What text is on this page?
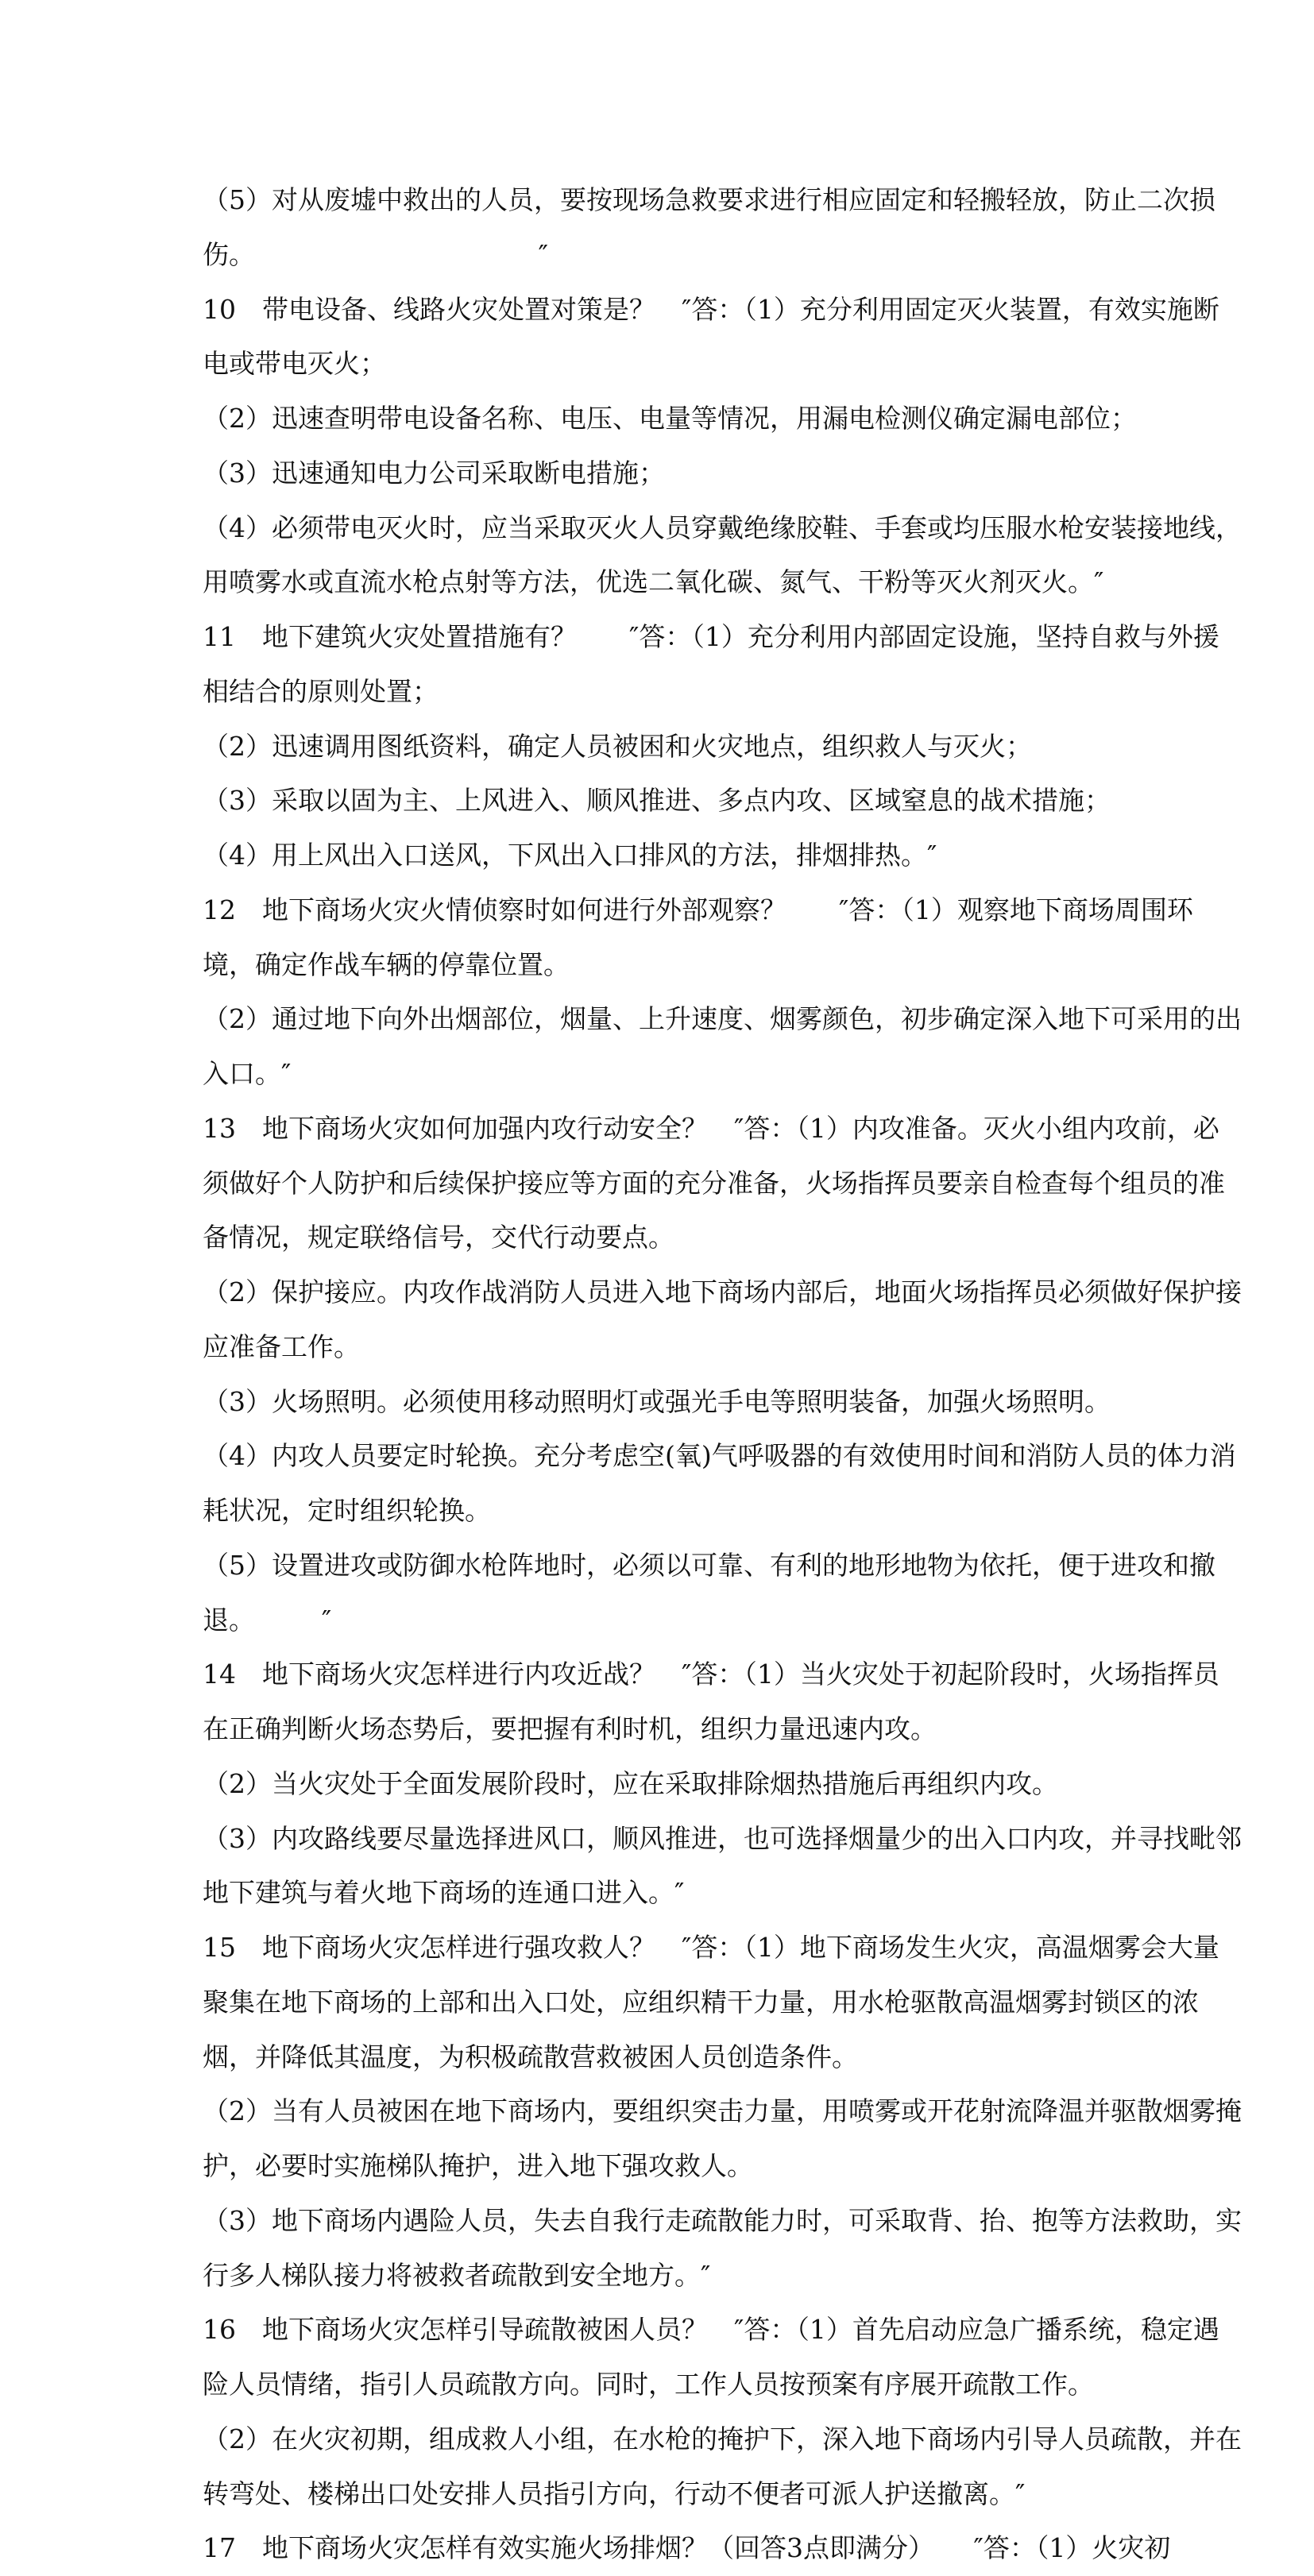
（5）对从废墟中救出的人员，要按现场急救要求进行相应固定和轻搬轻放，防止二次损
伤。                                  ″
10　带电设备、线路火灾处置对策是？　″答：（1）充分利用固定灭火装置，有效实施断
电或带电灭火；
（2）迅速查明带电设备名称、电压、电量等情况，用漏电检测仪确定漏电部位；
（3）迅速通知电力公司采取断电措施；
（4）必须带电灭火时，应当采取灭火人员穿戴绝缘胶鞋、手套或均压服水枪安装接地线，
用喷雾水或直流水枪点射等方法，优选二氧化碳、氮气、干粉等灭火剂灭火。″
11　地下建筑火灾处置措施有？　　″答：（1）充分利用内部固定设施，坚持自救与外援
相结合的原则处置；
（2）迅速调用图纸资料，确定人员被困和火灾地点，组织救人与灭火；
（3）采取以固为主、上风进入、顺风推进、多点内攻、区域窒息的战术措施；
（4）用上风出入口送风，下风出入口排风的方法，排烟排热。″
12　地下商场火灾火情侦察时如何进行外部观察？　　″答：（1）观察地下商场周围环
境，确定作战车辆的停靠位置。
（2）通过地下向外出烟部位，烟量、上升速度、烟雾颜色，初步确定深入地下可采用的出
入口。″
13　地下商场火灾如何加强内攻行动安全？　″答：（1）内攻准备。灭火小组内攻前，必
须做好个人防护和后续保护接应等方面的充分准备，火场指挥员要亲自检查每个组员的准
备情况，规定联络信号，交代行动要点。
（2）保护接应。内攻作战消防人员进入地下商场内部后，地面火场指挥员必须做好保护接
应准备工作。
（3）火场照明。必须使用移动照明灯或强光手电等照明装备，加强火场照明。
（4）内攻人员要定时轮换。充分考虑空(氧)气呼吸器的有效使用时间和消防人员的体力消
耗状况，定时组织轮换。
（5）设置进攻或防御水枪阵地时，必须以可靠、有利的地形地物为依托，便于进攻和撤
退。        ″
14　地下商场火灾怎样进行内攻近战？　″答：（1）当火灾处于初起阶段时，火场指挥员
在正确判断火场态势后，要把握有利时机，组织力量迅速内攻。
（2）当火灾处于全面发展阶段时，应在采取排除烟热措施后再组织内攻。
（3）内攻路线要尽量选择进风口，顺风推进，也可选择烟量少的出入口内攻，并寻找毗邻
地下建筑与着火地下商场的连通口进入。″
15　地下商场火灾怎样进行强攻救人？　″答：（1）地下商场发生火灾，高温烟雾会大量
聚集在地下商场的上部和出入口处，应组织精干力量，用水枪驱散高温烟雾封锁区的浓
烟，并降低其温度，为积极疏散营救被困人员创造条件。
（2）当有人员被困在地下商场内，要组织突击力量，用喷雾或开花射流降温并驱散烟雾掩
护，必要时实施梯队掩护，进入地下强攻救人。
（3）地下商场内遇险人员，失去自我行走疏散能力时，可采取背、抬、抱等方法救助，实
行多人梯队接力将被救者疏散到安全地方。″
16　地下商场火灾怎样引导疏散被困人员？　″答：（1）首先启动应急广播系统，稳定遇
险人员情绪，指引人员疏散方向。同时，工作人员按预案有序展开疏散工作。
（2）在火灾初期，组成救人小组，在水枪的掩护下，深入地下商场内引导人员疏散，并在
转弯处、楼梯出口处安排人员指引方向，行动不便者可派人护送撤离。″
17　地下商场火灾怎样有效实施火场排烟？（回答3点即满分）　　″答：（1）火灾初
